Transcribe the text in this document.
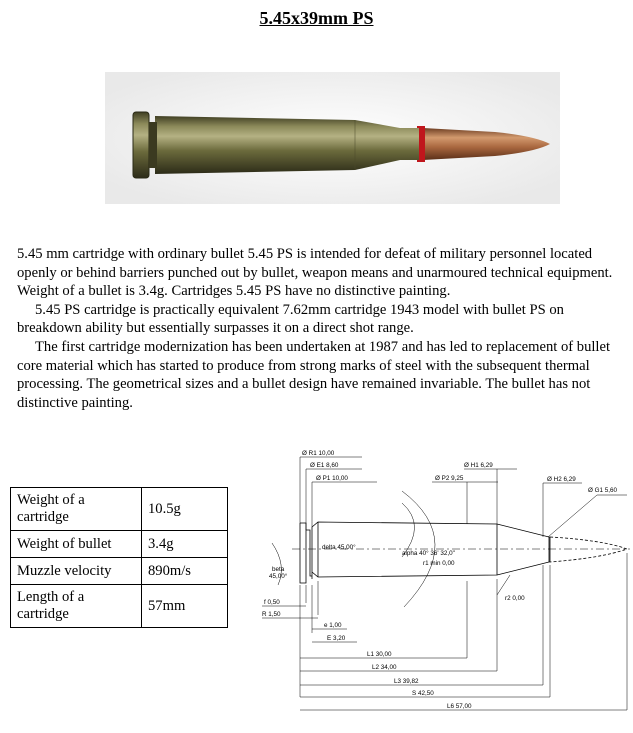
5.45x39mm PS

5.45 mm cartridge with ordinary bullet 5.45 PS is intended for defeat of military personnel located openly or behind barriers punched out by bullet, weapon means and unarmoured technical equipment. Weight of a bullet is 3.4g. Cartridges 5.45 PS have no distinctive painting.

5.45 PS cartridge is practically equivalent 7.62mm cartridge 1943 model with bullet PS on breakdown ability but essentially surpasses it on a direct shot range.

The first cartridge modernization has been undertaken at 1987 and has led to replacement of bullet core material which has started to produce from strong marks of steel with the subsequent thermal processing. The geometrical sizes and a bullet design have remained invariable. The bullet has not distinctive painting.

Weight of a cartridge	10.5g
Weight of bullet	3.4g
Muzzle velocity	890m/s
Length of a cartridge	57mm
Ø R1 10,00
Ø E1 8,60
Ø P1 10,00	Ø P2 9,25
Ø H1 6,29
Ø H2 6,29
Ø G1 5,60
delta 45,00°
alpha 40° 36' 32,0"
r1 min 0,00
beta
45,00°
f 0,50
R 1,50
e 1,00
E 3,20
r2 0,00
L1 30,00
L2 34,00
L3 39,82
S 42,50
L6 57,00
